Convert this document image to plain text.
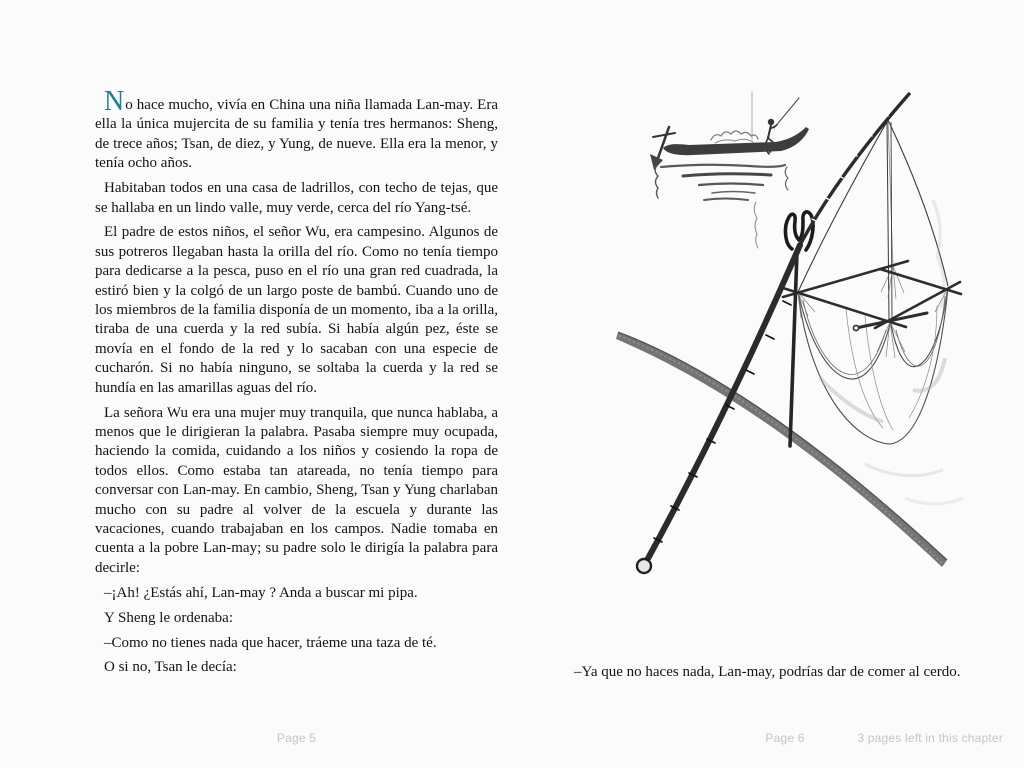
No hace mucho, vivía en China una niña llamada Lan-may. Era ella la única mujercita de su familia y tenía tres hermanos: Sheng, de trece años; Tsan, de diez, y Yung, de nueve. Ella era la menor, y tenía ocho años.

Habitaban todos en una casa de ladrillos, con techo de tejas, que se hallaba en un lindo valle, muy verde, cerca del río Yang-tsé.

El padre de estos niños, el señor Wu, era campesino. Algunos de sus potreros llegaban hasta la orilla del río. Como no tenía tiempo para dedicarse a la pesca, puso en el río una gran red cuadrada, la estiró bien y la colgó de un largo poste de bambú. Cuando uno de los miembros de la familia disponía de un momento, iba a la orilla, tiraba de una cuerda y la red subía. Si había algún pez, éste se movía en el fondo de la red y lo sacaban con una especie de cucharón. Si no había ninguno, se soltaba la cuerda y la red se hundía en las amarillas aguas del río.

La señora Wu era una mujer muy tranquila, que nunca hablaba, a menos que le dirigieran la palabra. Pasaba siempre muy ocupada, haciendo la comida, cuidando a los niños y cosiendo la ropa de todos ellos. Como estaba tan atareada, no tenía tiempo para conversar con Lan-may. En cambio, Sheng, Tsan y Yung charlaban mucho con su padre al volver de la escuela y durante las vacaciones, cuando trabajaban en los campos. Nadie tomaba en cuenta a la pobre Lan-may; su padre solo le dirigía la palabra para decirle:

–¡Ah! ¿Estás ahí, Lan-may ? Anda a buscar mi pipa.

Y Sheng le ordenaba:

–Como no tienes nada que hacer, tráeme una taza de té.

O si no, Tsan le decía:	–Ya que no haces nada, Lan-may, podrías dar de comer al cerdo.

Page 5	Page 6	3 pages left in this chapter
